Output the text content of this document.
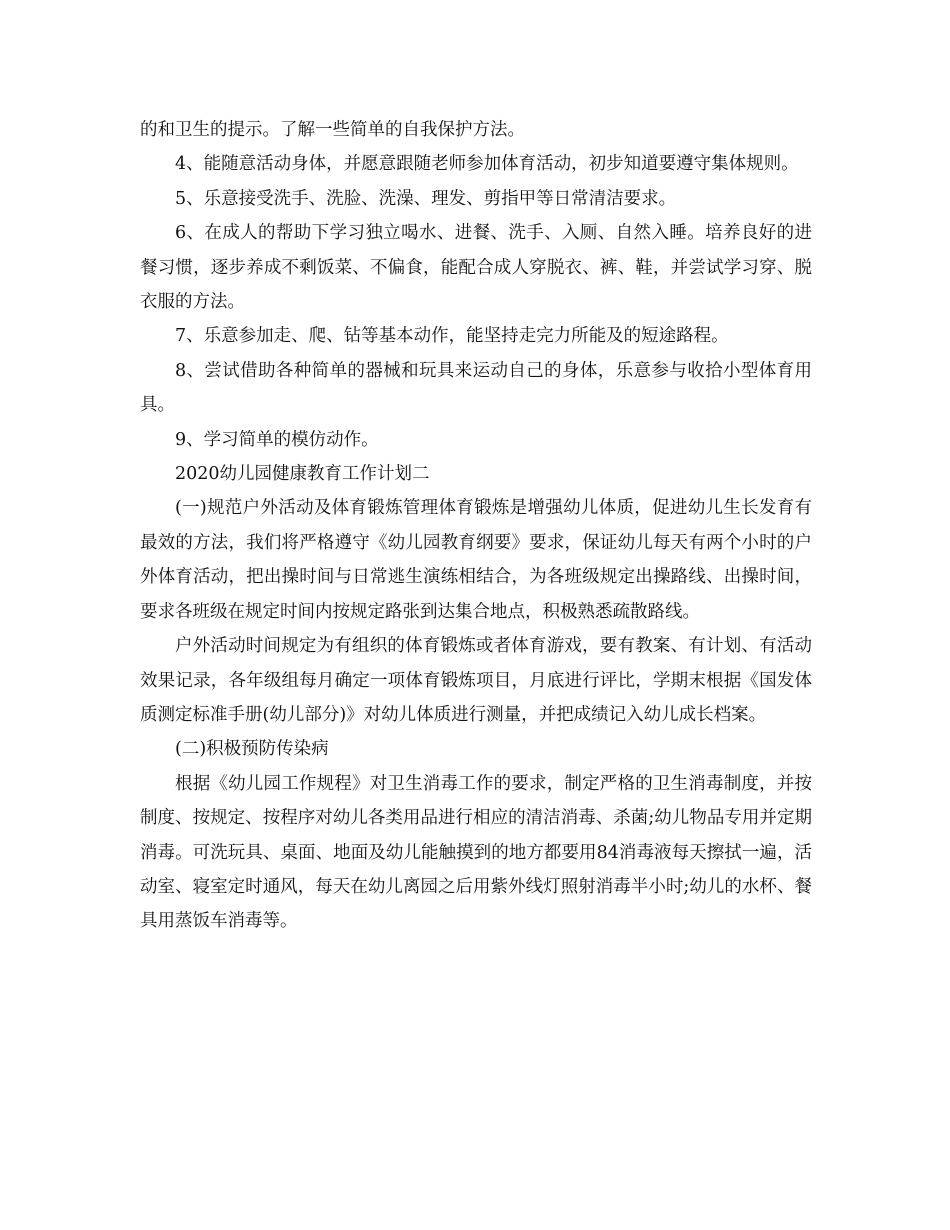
的和卫生的提示。了解一些简单的自我保护方法。

4、能随意活动身体，并愿意跟随老师参加体育活动，初步知道要遵守集体规则。

5、乐意接受洗手、洗脸、洗澡、理发、剪指甲等日常清洁要求。

6、在成人的帮助下学习独立喝水、进餐、洗手、入厕、自然入睡。培养良好的进餐习惯，逐步养成不剩饭菜、不偏食，能配合成人穿脱衣、裤、鞋，并尝试学习穿、脱衣服的方法。

7、乐意参加走、爬、钻等基本动作，能坚持走完力所能及的短途路程。

8、尝试借助各种简单的器械和玩具来运动自己的身体，乐意参与收拾小型体育用具。

9、学习简单的模仿动作。

2020幼儿园健康教育工作计划二

(一)规范户外活动及体育锻炼管理体育锻炼是增强幼儿体质，促进幼儿生长发育有最效的方法，我们将严格遵守《幼儿园教育纲要》要求，保证幼儿每天有两个小时的户外体育活动，把出操时间与日常逃生演练相结合，为各班级规定出操路线、出操时间，要求各班级在规定时间内按规定路张到达集合地点，积极熟悉疏散路线。

户外活动时间规定为有组织的体育锻炼或者体育游戏，要有教案、有计划、有活动效果记录，各年级组每月确定一项体育锻炼项目，月底进行评比，学期末根据《国发体质测定标准手册(幼儿部分)》对幼儿体质进行测量，并把成绩记入幼儿成长档案。

(二)积极预防传染病

根据《幼儿园工作规程》对卫生消毒工作的要求，制定严格的卫生消毒制度，并按制度、按规定、按程序对幼儿各类用品进行相应的清洁消毒、杀菌;幼儿物品专用并定期消毒。可洗玩具、桌面、地面及幼儿能触摸到的地方都要用84消毒液每天擦拭一遍，活动室、寝室定时通风，每天在幼儿离园之后用紫外线灯照射消毒半小时;幼儿的水杯、餐具用蒸饭车消毒等。
